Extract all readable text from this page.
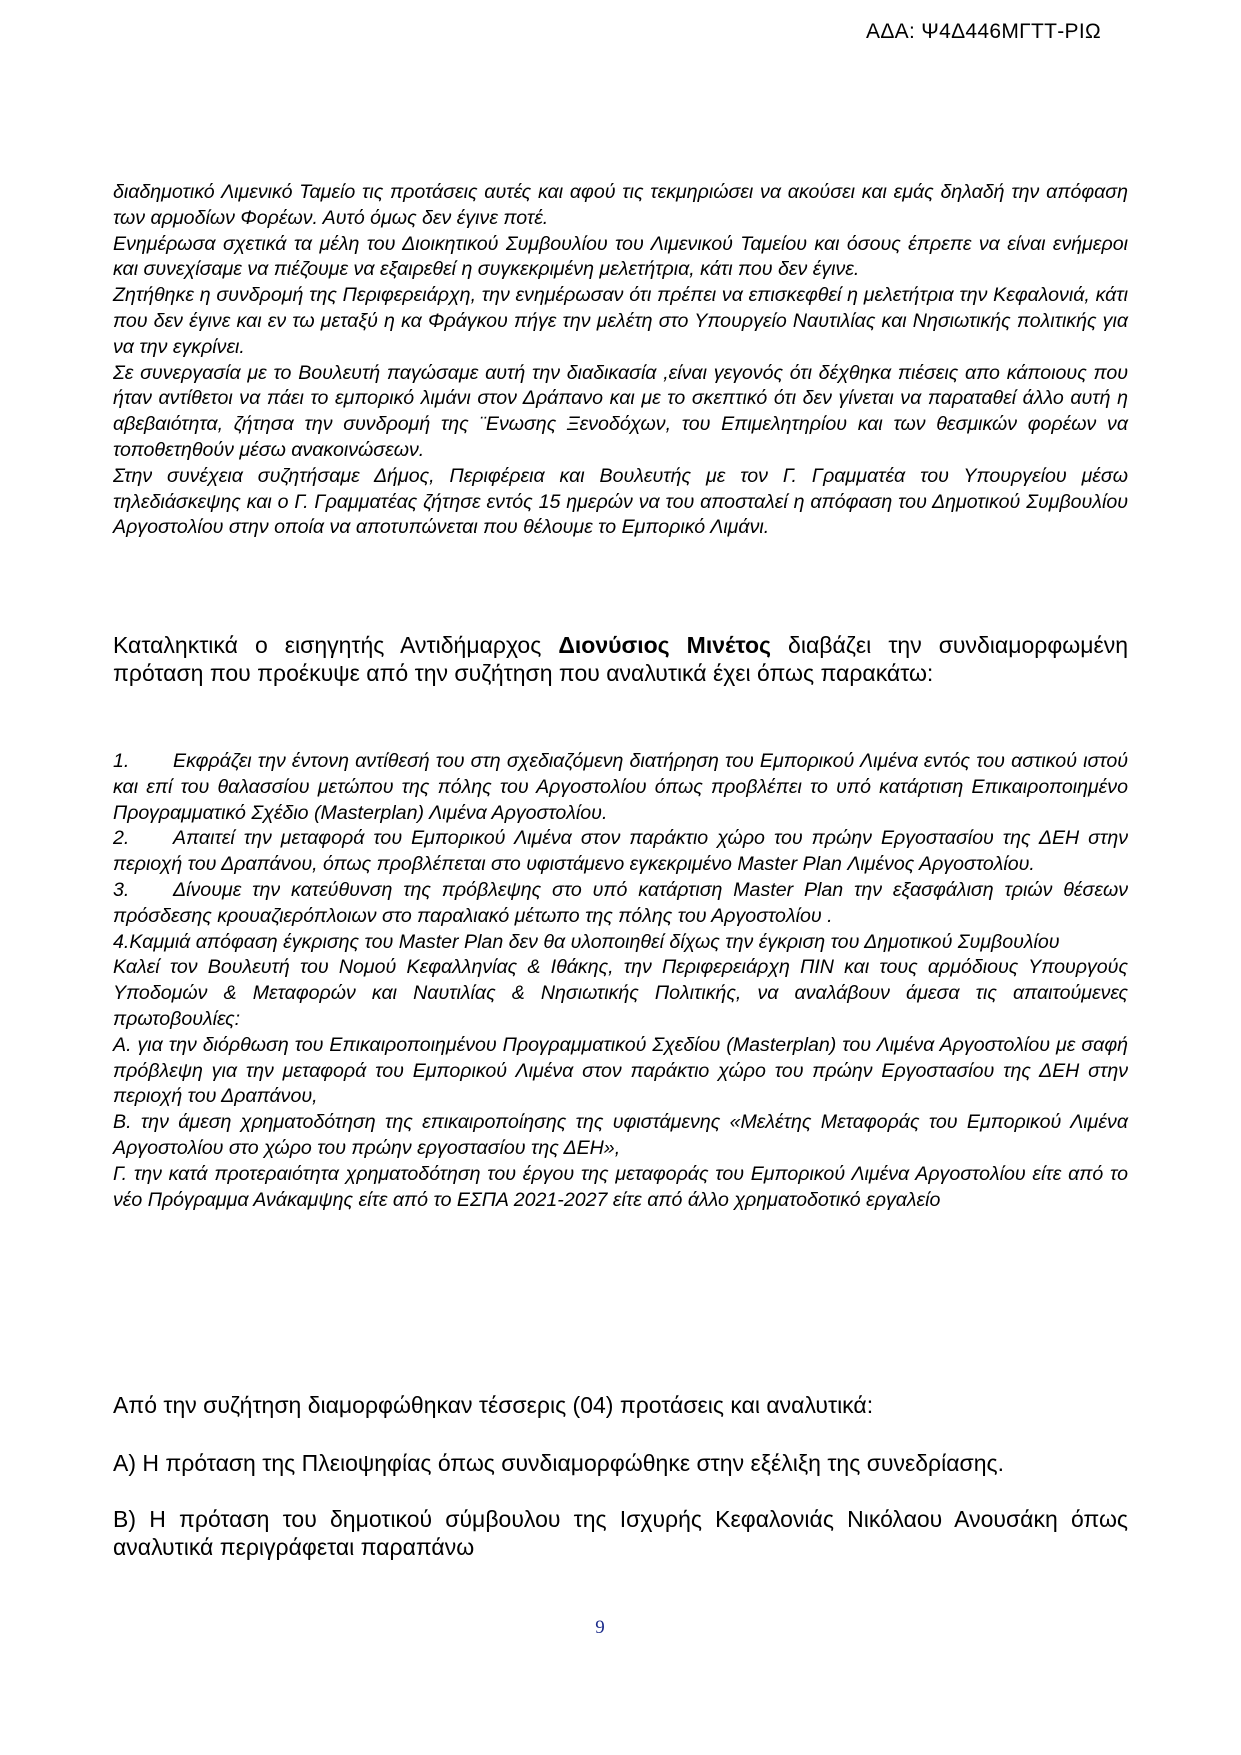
ΑΔΑ: Ψ4Δ446ΜΓΤΤ-ΡΙΩ

διαδημοτικό Λιμενικό Ταμείο τις προτάσεις αυτές και αφού τις τεκμηριώσει να ακούσει και εμάς δηλαδή την απόφαση των αρμοδίων Φορέων. Αυτό όμως δεν έγινε ποτέ.

Ενημέρωσα σχετικά τα μέλη του Διοικητικού Συμβουλίου του Λιμενικού Ταμείου και όσους έπρεπε να είναι ενήμεροι και συνεχίσαμε να πιέζουμε να εξαιρεθεί η συγκεκριμένη μελετήτρια, κάτι που δεν έγινε.

Ζητήθηκε η συνδρομή της Περιφερειάρχη, την ενημέρωσαν ότι πρέπει να επισκεφθεί η μελετήτρια την Κεφαλονιά, κάτι που δεν έγινε και εν τω μεταξύ η κα Φράγκου πήγε την μελέτη στο Υπουργείο Ναυτιλίας και Νησιωτικής πολιτικής για να την εγκρίνει.

Σε συνεργασία με το Βουλευτή παγώσαμε αυτή την διαδικασία ,είναι γεγονός ότι δέχθηκα πιέσεις απο κάποιους που ήταν αντίθετοι να πάει το εμπορικό λιμάνι στον Δράπανο και με το σκεπτικό ότι δεν γίνεται να παραταθεί άλλο αυτή η αβεβαιότητα, ζήτησα την συνδρομή της ¨Ενωσης Ξενοδόχων, του Επιμελητηρίου και των θεσμικών φορέων να τοποθετηθούν μέσω ανακοινώσεων.

Στην συνέχεια συζητήσαμε Δήμος, Περιφέρεια και Βουλευτής με τον Γ. Γραμματέα του Υπουργείου μέσω τηλεδιάσκεψης και ο Γ. Γραμματέας ζήτησε εντός 15 ημερών να του αποσταλεί η απόφαση του Δημοτικού Συμβουλίου Αργοστολίου στην οποία να αποτυπώνεται που θέλουμε το Εμπορικό Λιμάνι.

Καταληκτικά ο εισηγητής Αντιδήμαρχος Διονύσιος Μινέτος διαβάζει την συνδιαμορφωμένη πρόταση που προέκυψε από την συζήτηση που αναλυτικά έχει όπως παρακάτω:

1. Εκφράζει την έντονη αντίθεσή του στη σχεδιαζόμενη διατήρηση του Εμπορικού Λιμένα εντός του αστικού ιστού και επί του θαλασσίου μετώπου της πόλης του Αργοστολίου όπως προβλέπει το υπό κατάρτιση Επικαιροποιημένο Προγραμματικό Σχέδιο (Masterplan) Λιμένα Αργοστολίου.

2. Απαιτεί την μεταφορά του Εμπορικού Λιμένα στον παράκτιο χώρο του πρώην Εργοστασίου της ΔΕΗ στην περιοχή του Δραπάνου, όπως προβλέπεται στο υφιστάμενο εγκεκριμένο Master Plan Λιμένος Αργοστολίου.

3. Δίνουμε την κατεύθυνση της πρόβλεψης στο υπό κατάρτιση Master Plan την εξασφάλιση τριών θέσεων πρόσδεσης κρουαζιερόπλοιων στο παραλιακό μέτωπο της πόλης του Αργοστολίου .

4.Καμμιά απόφαση έγκρισης του Master Plan δεν θα υλοποιηθεί δίχως την έγκριση του Δημοτικού Συμβουλίου

Καλεί τον Βουλευτή του Νομού Κεφαλληνίας & Ιθάκης, την Περιφερειάρχη ΠΙΝ και τους αρμόδιους Υπουργούς Υποδομών & Μεταφορών και Ναυτιλίας & Νησιωτικής Πολιτικής, να αναλάβουν άμεσα τις απαιτούμενες πρωτοβουλίες:

Α. για την διόρθωση του Επικαιροποιημένου Προγραμματικού Σχεδίου (Masterplan) του Λιμένα Αργοστολίου με σαφή πρόβλεψη για την μεταφορά του Εμπορικού Λιμένα στον παράκτιο χώρο του πρώην Εργοστασίου της ΔΕΗ στην περιοχή του Δραπάνου,

Β. την άμεση χρηματοδότηση της επικαιροποίησης της υφιστάμενης «Μελέτης Μεταφοράς του Εμπορικού Λιμένα Αργοστολίου στο χώρο του πρώην εργοστασίου της ΔΕΗ»,

Γ. την κατά προτεραιότητα χρηματοδότηση του έργου της μεταφοράς του Εμπορικού Λιμένα Αργοστολίου είτε από το νέο Πρόγραμμα Ανάκαμψης είτε από το ΕΣΠΑ 2021-2027 είτε από άλλο χρηματοδοτικό εργαλείο

Από την συζήτηση διαμορφώθηκαν τέσσερις (04) προτάσεις και αναλυτικά:

Α) Η πρόταση της Πλειοψηφίας όπως συνδιαμορφώθηκε στην εξέλιξη της συνεδρίασης.

Β) Η πρόταση του δημοτικού σύμβουλου της Ισχυρής Κεφαλονιάς Νικόλαου Ανουσάκη όπως αναλυτικά περιγράφεται παραπάνω

9
